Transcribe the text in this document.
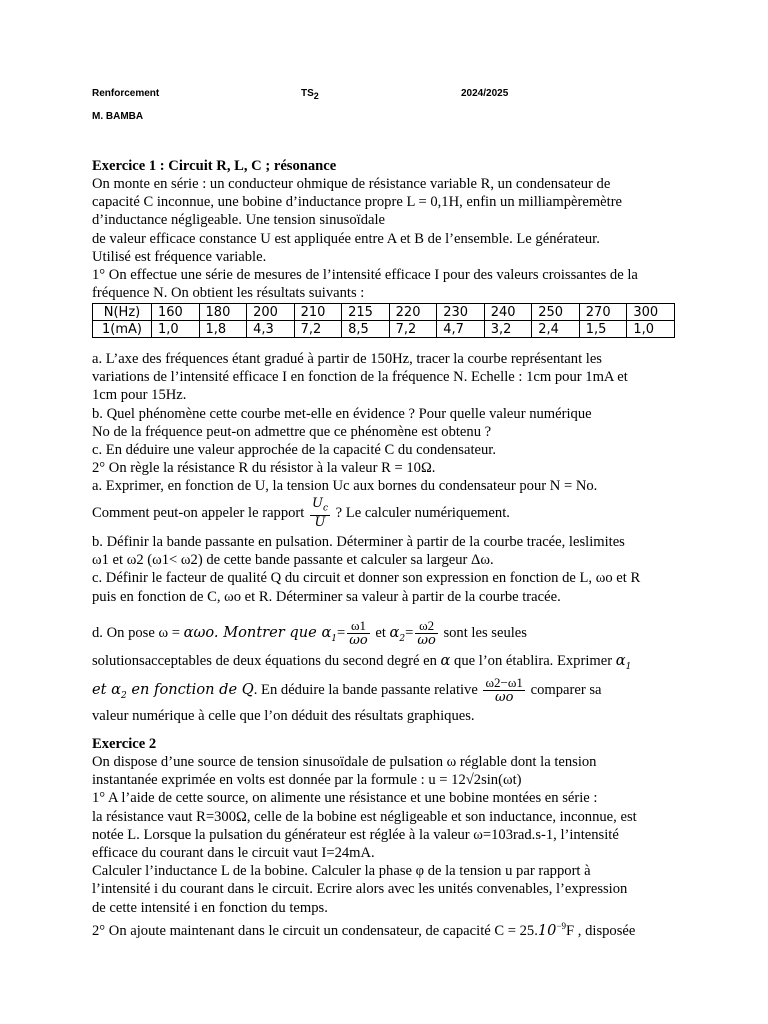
Renforcement	$TS_2$	2024/2025
M. BAMBA
Exercice 1 : Circuit R, L, C ; résonance
On monte en série : un conducteur ohmique de résistance variable R, un condensateur de
capacité C inconnue, une bobine d’inductance propre L = 0,1H, enfin un milliampèremètre
d’inductance négligeable. Une tension sinusoïdale
de valeur efficace constance U est appliquée entre A et B de l’ensemble. Le générateur.
Utilisé est fréquence variable.
1° On effectue une série de mesures de l’intensité efficace I pour des valeurs croissantes de la
fréquence N. On obtient les résultats suivants :
N(Hz)	160	180	200	210	215	220	230	240	250	270	300
1(mA)	1,0	1,8	4,3	7,2	8,5	7,2	4,7	3,2	2,4	1,5	1,0
a. L’axe des fréquences étant gradué à partir de 150Hz, tracer la courbe représentant les
variations de l’intensité efficace I en fonction de la fréquence N. Echelle : 1cm pour 1mA et
1cm pour 15Hz.
b. Quel phénomène cette courbe met-elle en évidence ? Pour quelle valeur numérique
No de la fréquence peut-on admettre que ce phénomène est obtenu ?
c. En déduire une valeur approchée de la capacité C du condensateur.
2° On règle la résistance R du résistor à la valeur R = 10Ω.
a. Exprimer, en fonction de U, la tension Uc aux bornes du condensateur pour N = No.
Comment peut-on appeler le rapport $\frac{U_c}{U}$ ? Le calculer numériquement.
b. Définir la bande passante en pulsation. Déterminer à partir de la courbe tracée, leslimites
ω1 et ω2 (ω1< ω2) de cette bande passante et calculer sa largeur Δω.
c. Définir le facteur de qualité Q du circuit et donner son expression en fonction de L, ωo et R
puis en fonction de C, ωo et R. Déterminer sa valeur à partir de la courbe tracée.
d. On pose ω = αωo. Montrer que $\alpha_1= \frac{\omega 1}{\omega o}$ et $\alpha_2= \frac{\omega 2}{\omega o}$ sont les seules
solutionsacceptables de deux équations du second degré en α que l’on établira. Exprimer $\alpha_1$
et $\alpha_2$ en fonction de Q. En déduire la bande passante relative $\frac{\omega 2-\omega 1}{\omega o}$ comparer sa
valeur numérique à celle que l’on déduit des résultats graphiques.
Exercice 2
On dispose d’une source de tension sinusoïdale de pulsation ω réglable dont la tension
instantanée exprimée en volts est donnée par la formule : u = 12√2sin(ωt)
1° A l’aide de cette source, on alimente une résistance et une bobine montées en série :
la résistance vaut R=300Ω, celle de la bobine est négligeable et son inductance, inconnue, est
notée L. Lorsque la pulsation du générateur est réglée à la valeur ω=103rad.s-1, l’intensité
efficace du courant dans le circuit vaut I=24mA.
Calculer l’inductance L de la bobine. Calculer la phase φ de la tension u par rapport à
l’intensité i du courant dans le circuit. Ecrire alors avec les unités convenables, l’expression
de cette intensité i en fonction du temps.
2° On ajoute maintenant dans le circuit un condensateur, de capacité $C = 25.10^{-9}F$ , disposée
